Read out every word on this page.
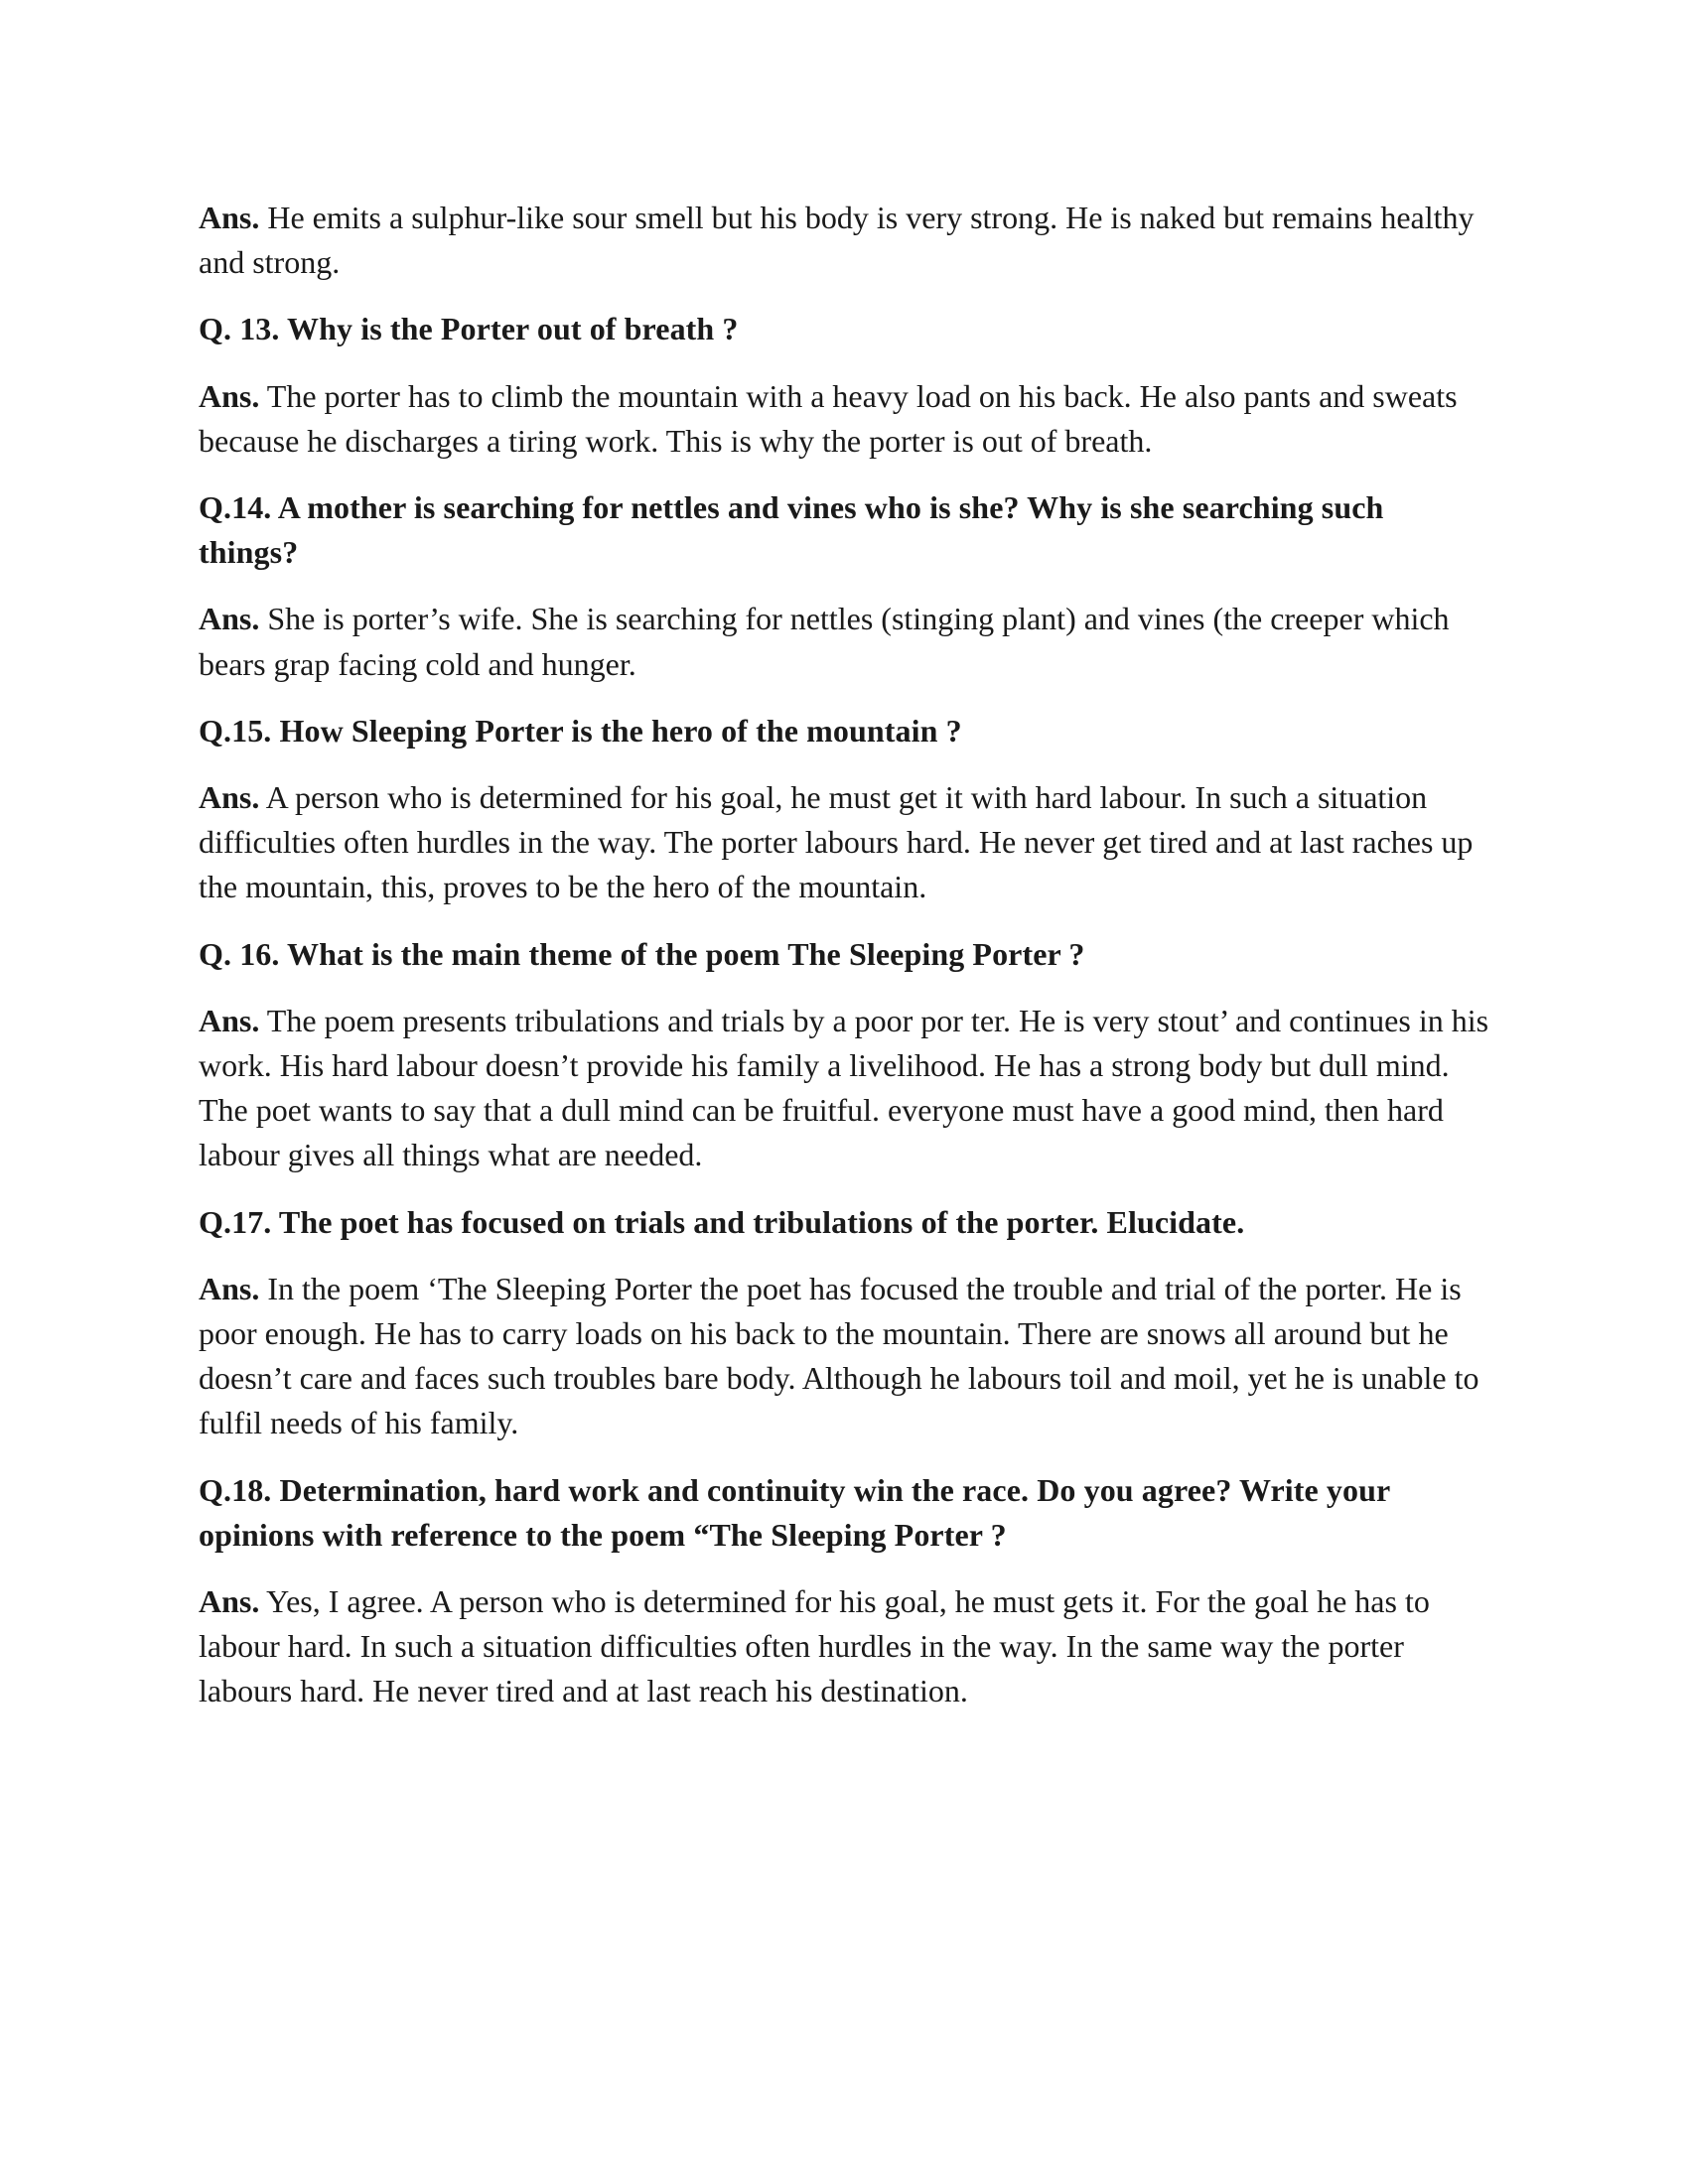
Ans. He emits a sulphur-like sour smell but his body is very strong. He is naked but remains healthy and strong.

Q. 13. Why is the Porter out of breath ?

Ans. The porter has to climb the mountain with a heavy load on his back. He also pants and sweats because he discharges a tiring work. This is why the porter is out of breath.

Q.14. A mother is searching for nettles and vines who is she? Why is she searching such things?

Ans. She is porter’s wife. She is searching for nettles (stinging plant) and vines (the creeper which bears grap facing cold and hunger.

Q.15. How Sleeping Porter is the hero of the mountain ?

Ans. A person who is determined for his goal, he must get it with hard labour. In such a situation difficulties often hurdles in the way. The porter labours hard. He never get tired and at last raches up the mountain, this, proves to be the hero of the mountain.

Q. 16. What is the main theme of the poem The Sleeping Porter ?

Ans. The poem presents tribulations and trials by a poor por ter. He is very stout’ and continues in his work. His hard labour doesn’t provide his family a livelihood. He has a strong body but dull mind. The poet wants to say that a dull mind can be fruitful. everyone must have a good mind, then hard labour gives all things what are needed.

Q.17. The poet has focused on trials and tribulations of the porter. Elucidate.

Ans. In the poem ‘The Sleeping Porter the poet has focused the trouble and trial of the porter. He is poor enough. He has to carry loads on his back to the mountain. There are snows all around but he doesn’t care and faces such troubles bare body. Although he labours toil and moil, yet he is unable to fulfil needs of his family.

Q.18. Determination, hard work and continuity win the race. Do you agree? Write your opinions with reference to the poem “The Sleeping Porter ?

Ans. Yes, I agree. A person who is determined for his goal, he must gets it. For the goal he has to labour hard. In such a situation difficulties often hurdles in the way. In the same way the porter labours hard. He never tired and at last reach his destination.
